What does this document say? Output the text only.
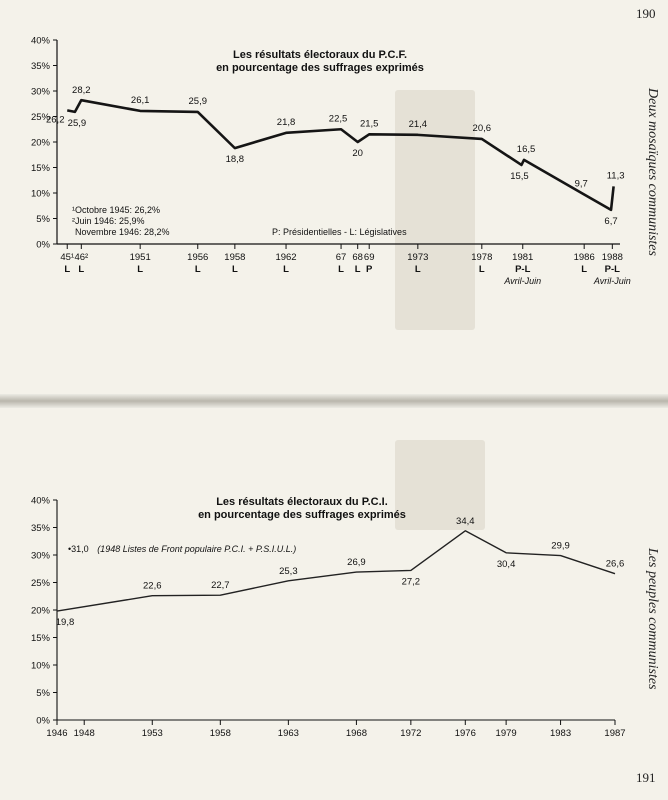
190
Deux mosaïques communistes
191
Les peuples communistes
Les résultats électoraux du P.C.F.
en pourcentage des suffrages exprimés
0%
5%
10%
15%
20%
25%
30%
35%
40%
45¹
L
46²
L
1951
L
1956
L
1958
L
1962
L
67
L
68
L
69
P
1973
L
1978
L
1981
P-L
Avril-Juin
1986
L
1988
P-L
Avril-Juin
26,2 25,9
28,2
26,1	25,9
18,8
21,8	22,5
20
21,5	21,4	20,6
15,5
16,5
9,7
6,7
11,3
¹Octobre 1945: 26,2%
²Juin 1946: 25,9%
Novembre 1946: 28,2%	P: Présidentielles - L: Législatives
Les résultats électoraux du P.C.I.
en pourcentage des suffrages exprimés
0%
5%
10%
15%
20%
25%
30%
35%
40%
1946 1948	1953	1958	1963	1968	1972	1976 1979	1983	1987
19,8
22,6	22,7
25,3
26,9
27,2
34,4
30,4
29,9
26,6
•31,0 (1948 Listes de Front populaire P.C.I. + P.S.I.U.L.)
